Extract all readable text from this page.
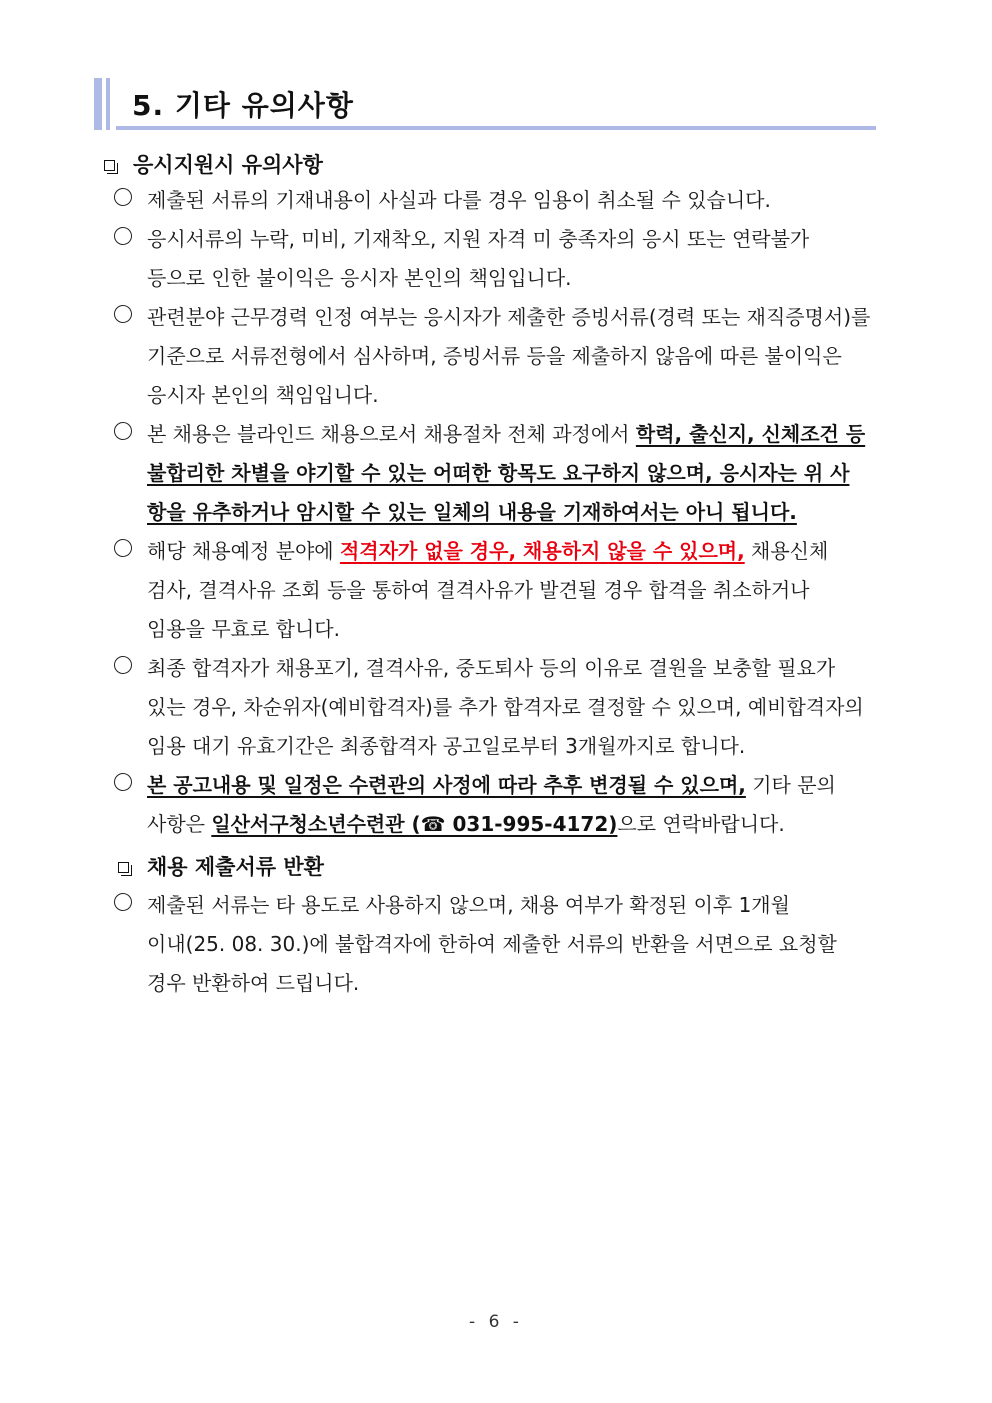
5. 기타 유의사항
응시지원시 유의사항
제출된 서류의 기재내용이 사실과 다를 경우 임용이 취소될 수 있습니다.
응시서류의 누락, 미비, 기재착오, 지원 자격 미 충족자의 응시 또는 연락불가
등으로 인한 불이익은 응시자 본인의 책임입니다.
관련분야 근무경력 인정 여부는 응시자가 제출한 증빙서류(경력 또는 재직증명서)를
기준으로 서류전형에서 심사하며, 증빙서류 등을 제출하지 않음에 따른 불이익은
응시자 본인의 책임입니다.
본 채용은 블라인드 채용으로서 채용절차 전체 과정에서 학력, 출신지, 신체조건 등
불합리한 차별을 야기할 수 있는 어떠한 항목도 요구하지 않으며, 응시자는 위 사
항을 유추하거나 암시할 수 있는 일체의 내용을 기재하여서는 아니 됩니다.
해당 채용예정 분야에 적격자가 없을 경우, 채용하지 않을 수 있으며, 채용신체
검사, 결격사유 조회 등을 통하여 결격사유가 발견될 경우 합격을 취소하거나
임용을 무효로 합니다.
최종 합격자가 채용포기, 결격사유, 중도퇴사 등의 이유로 결원을 보충할 필요가
있는 경우, 차순위자(예비합격자)를 추가 합격자로 결정할 수 있으며, 예비합격자의
임용 대기 유효기간은 최종합격자 공고일로부터 3개월까지로 합니다.
본 공고내용 및 일정은 수련관의 사정에 따라 추후 변경될 수 있으며, 기타 문의
사항은 일산서구청소년수련관 (☎ 031-995-4172)으로 연락바랍니다.
채용 제출서류 반환
제출된 서류는 타 용도로 사용하지 않으며, 채용 여부가 확정된 이후 1개월
이내(25. 08. 30.)에 불합격자에 한하여 제출한 서류의 반환을 서면으로 요청할
경우 반환하여 드립니다.
- 6 -
